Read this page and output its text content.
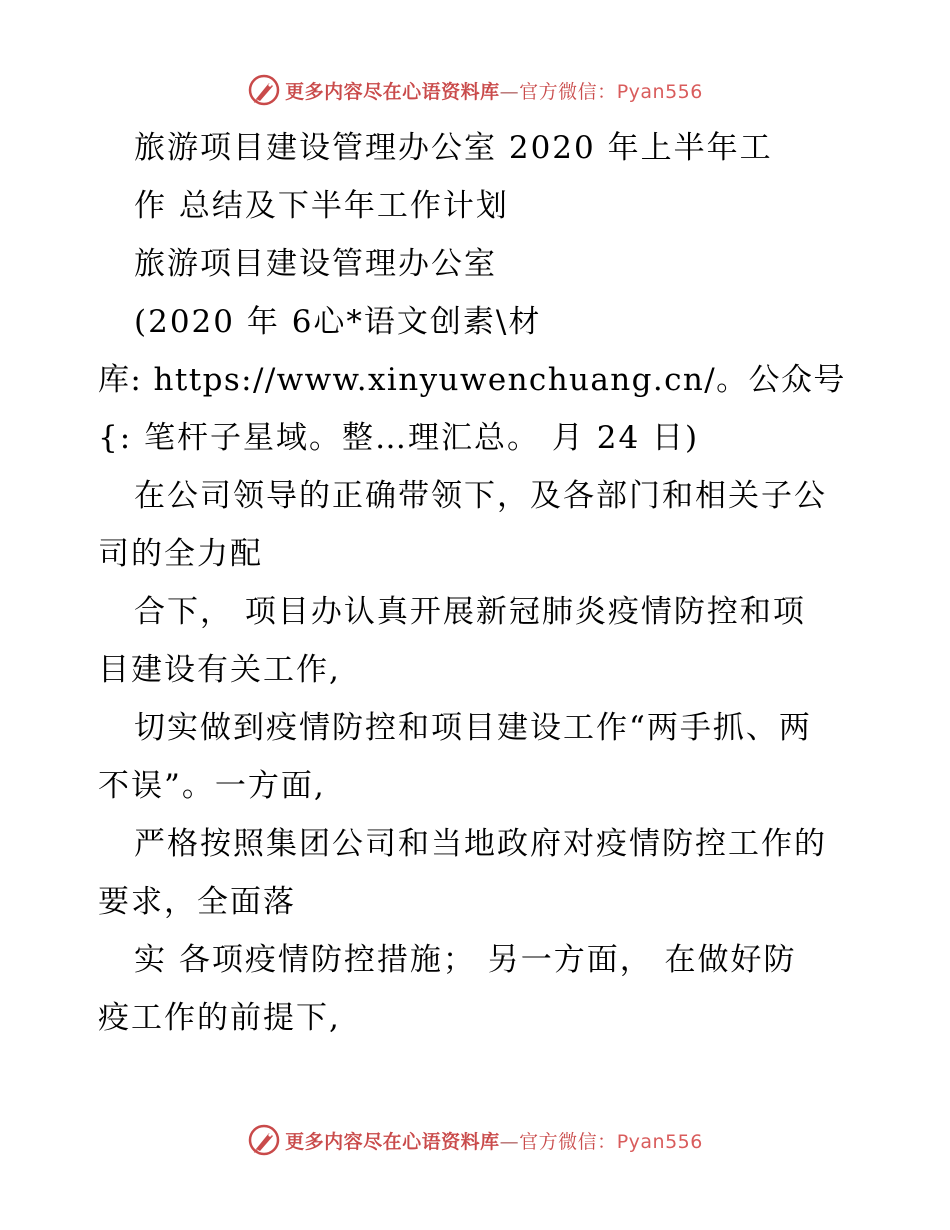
更多内容尽在心语资料库—官方微信：Pyan556
旅游项目建设管理办公室 2020 年上半年工
作 总结及下半年工作计划
旅游项目建设管理办公室
(2020 年 6心*语文创素\材
库: https://www.xinyuwenchuang.cn/。公众号
{: 笔杆子星域。整…理汇总。 月 24 日)
在公司领导的正确带领下，及各部门和相关子公
司的全力配
合下， 项目办认真开展新冠肺炎疫情防控和项
目建设有关工作,
切实做到疫情防控和项目建设工作“两手抓、两
不误”。一方面,
严格按照集团公司和当地政府对疫情防控工作的
要求，全面落
实 各项疫情防控措施； 另一方面， 在做好防
疫工作的前提下,
更多内容尽在心语资料库—官方微信：Pyan556
